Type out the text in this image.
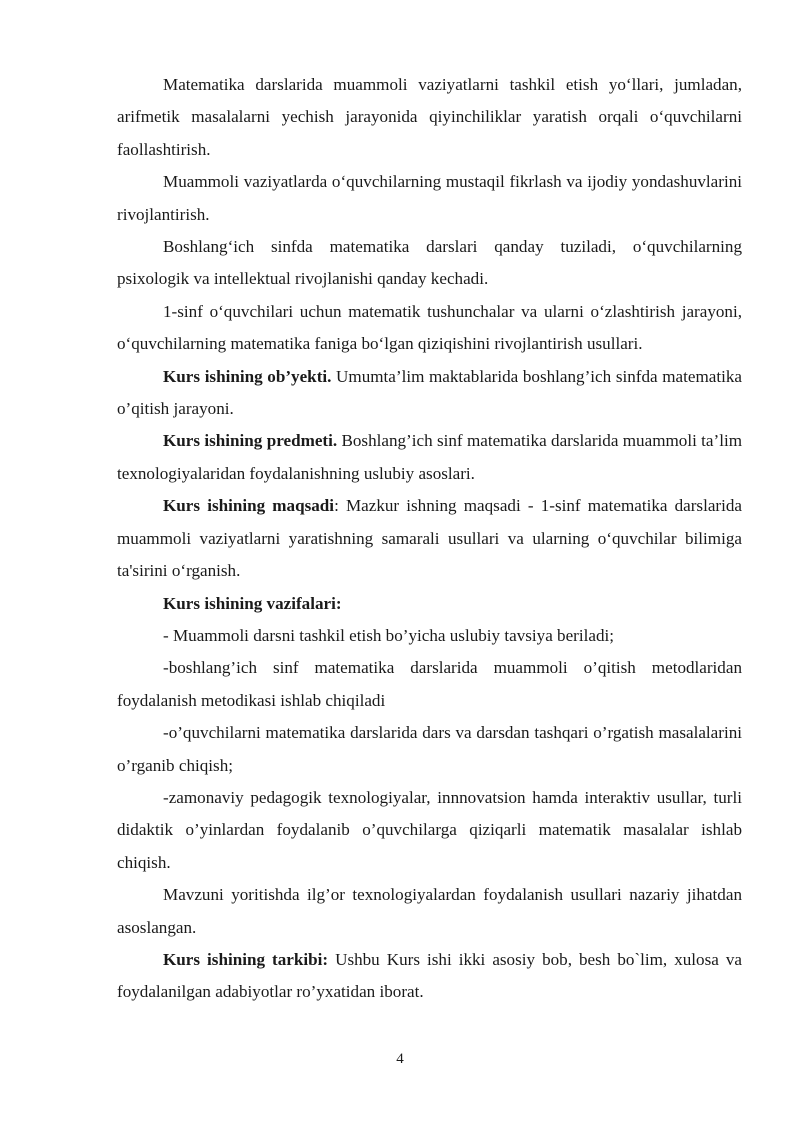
Matematika darslarida muammoli vaziyatlarni tashkil etish yo‘llari, jumladan, arifmetik masalalarni yechish jarayonida qiyinchiliklar yaratish orqali o‘quvchilarni faollashtirish.

Muammoli vaziyatlarda o‘quvchilarning mustaqil fikrlash va ijodiy yondashuvlarini rivojlantirish.

Boshlang‘ich sinfda matematika darslari qanday tuziladi, o‘quvchilarning psixologik va intellektual rivojlanishi qanday kechadi.

1-sinf o‘quvchilari uchun matematik tushunchalar va ularni o‘zlashtirish jarayoni, o‘quvchilarning matematika faniga bo‘lgan qiziqishini rivojlantirish usullari.

Kurs ishining ob’yekti. Umumta’lim maktablarida boshlang’ich sinfda matematika o’qitish jarayoni.

Kurs ishining predmeti. Boshlang’ich sinf matematika darslarida muammoli ta’lim texnologiyalaridan foydalanishning uslubiy asoslari.

Kurs ishining maqsadi: Mazkur ishning maqsadi - 1-sinf matematika darslarida muammoli vaziyatlarni yaratishning samarali usullari va ularning o‘quvchilar bilimiga ta'sirini o‘rganish.

Kurs ishining vazifalari:

- Muammoli darsni tashkil etish bo’yicha uslubiy tavsiya beriladi;

-boshlang’ich sinf matematika darslarida muammoli o’qitish metodlaridan foydalanish metodikasi ishlab chiqiladi

-o’quvchilarni matematika darslarida dars va darsdan tashqari o’rgatish masalalarini o’rganib chiqish;

-zamonaviy pedagogik texnologiyalar, innnovatsion hamda interaktiv usullar, turli didaktik o’yinlardan foydalanib o’quvchilarga qiziqarli matematik masalalar ishlab chiqish.

Mavzuni yoritishda ilg’or texnologiyalardan foydalanish usullari nazariy jihatdan asoslangan.

Kurs ishining tarkibi: Ushbu Kurs ishi ikki asosiy bob, besh bo`lim, xulosa va foydalanilgan adabiyotlar ro’yxatidan iborat.

4
